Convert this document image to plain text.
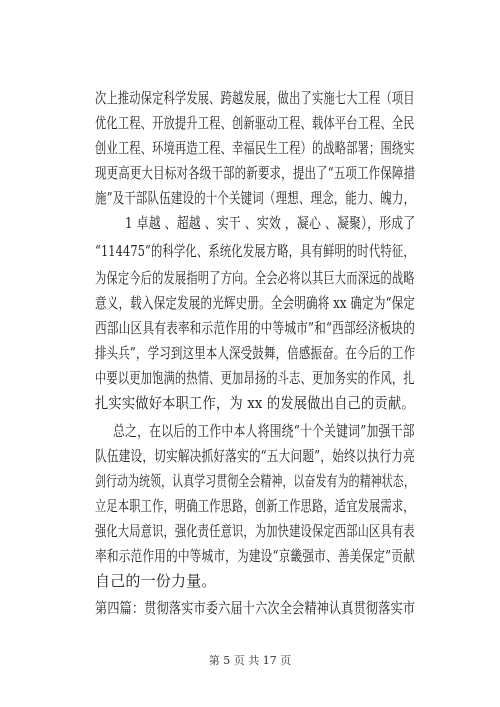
次上推动保定科学发展、跨越发展，做出了实施七大工程（项目
优化工程、开放提升工程、创新驱动工程、载体平台工程、全民
创业工程、环境再造工程、幸福民生工程）的战略部署；围绕实
现更高更大目标对各级干部的新要求，提出了“五项工作保障措
施”及干部队伍建设的十个关键词（理想、理念，能力、魄力，
1 卓越 、超越 、实干 、实效 ，凝心 、凝聚），形成了
“114475”的科学化、系统化发展方略，具有鲜明的时代特征，
为保定今后的发展指明了方向。全会必将以其巨大而深远的战略
意义，载入保定发展的光辉史册。全会明确将 xx 确定为“保定
西部山区具有表率和示范作用的中等城市”和“西部经济板块的
排头兵”，学习到这里本人深受鼓舞，倍感振奋。在今后的工作
中要以更加饱满的热情、更加昂扬的斗志、更加务实的作风，扎
扎实实做好本职工作，为 xx 的发展做出自己的贡献。
总之，在以后的工作中本人将围绕“十个关键词”加强干部
队伍建设，切实解决抓好落实的“五大问题”，始终以执行力亮
剑行动为统领，认真学习贯彻全会精神，以奋发有为的精神状态，
立足本职工作，明确工作思路，创新工作思路，适宜发展需求，
强化大局意识，强化责任意识，为加快建设保定西部山区具有表
率和示范作用的中等城市，为建设“京畿强市、善美保定”贡献
自己的一份力量。
第四篇：贯彻落实市委六届十六次全会精神认真贯彻落实市
第 5 页 共 17 页
